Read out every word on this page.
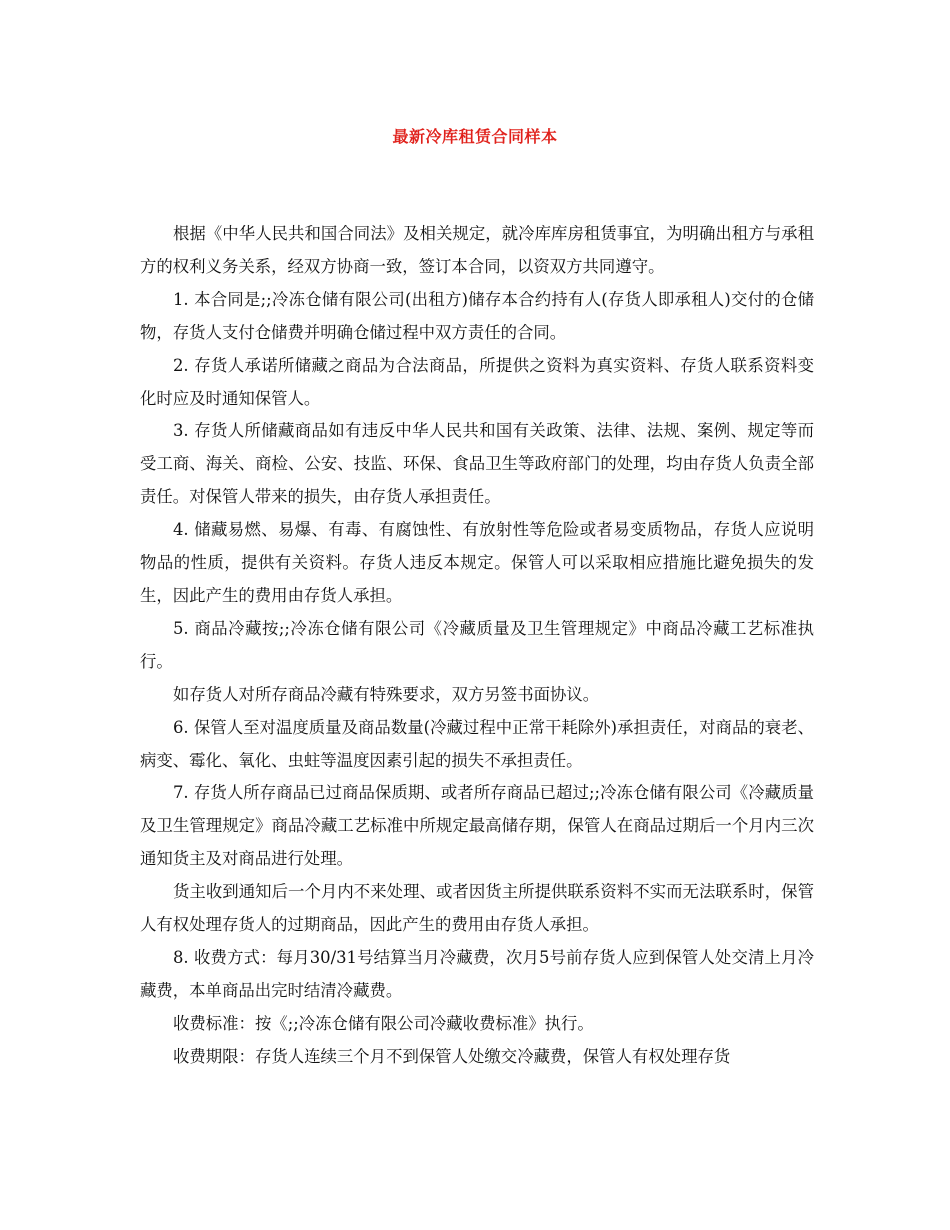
最新冷库租赁合同样本

根据《中华人民共和国合同法》及相关规定，就冷库库房租赁事宜，为明确出租方与承租方的权利义务关系，经双方协商一致，签订本合同，以资双方共同遵守。

1. 本合同是;;冷冻仓储有限公司(出租方)储存本合约持有人(存货人即承租人)交付的仓储物，存货人支付仓储费并明确仓储过程中双方责任的合同。

2. 存货人承诺所储藏之商品为合法商品，所提供之资料为真实资料、存货人联系资料变化时应及时通知保管人。

3. 存货人所储藏商品如有违反中华人民共和国有关政策、法律、法规、案例、规定等而受工商、海关、商检、公安、技监、环保、食品卫生等政府部门的处理，均由存货人负责全部责任。对保管人带来的损失，由存货人承担责任。

4. 储藏易燃、易爆、有毒、有腐蚀性、有放射性等危险或者易变质物品，存货人应说明物品的性质，提供有关资料。存货人违反本规定。保管人可以采取相应措施比避免损失的发生，因此产生的费用由存货人承担。

5. 商品冷藏按;;冷冻仓储有限公司《冷藏质量及卫生管理规定》中商品冷藏工艺标准执行。

如存货人对所存商品冷藏有特殊要求，双方另签书面协议。

6. 保管人至对温度质量及商品数量(冷藏过程中正常干耗除外)承担责任，对商品的衰老、病变、霉化、氧化、虫蛀等温度因素引起的损失不承担责任。

7. 存货人所存商品已过商品保质期、或者所存商品已超过;;冷冻仓储有限公司《冷藏质量及卫生管理规定》商品冷藏工艺标准中所规定最高储存期，保管人在商品过期后一个月内三次通知货主及对商品进行处理。

货主收到通知后一个月内不来处理、或者因货主所提供联系资料不实而无法联系时，保管人有权处理存货人的过期商品，因此产生的费用由存货人承担。

8. 收费方式：每月30/31号结算当月冷藏费，次月5号前存货人应到保管人处交清上月冷藏费，本单商品出完时结清冷藏费。

收费标准：按《;;冷冻仓储有限公司冷藏收费标准》执行。

收费期限：存货人连续三个月不到保管人处缴交冷藏费，保管人有权处理存货
